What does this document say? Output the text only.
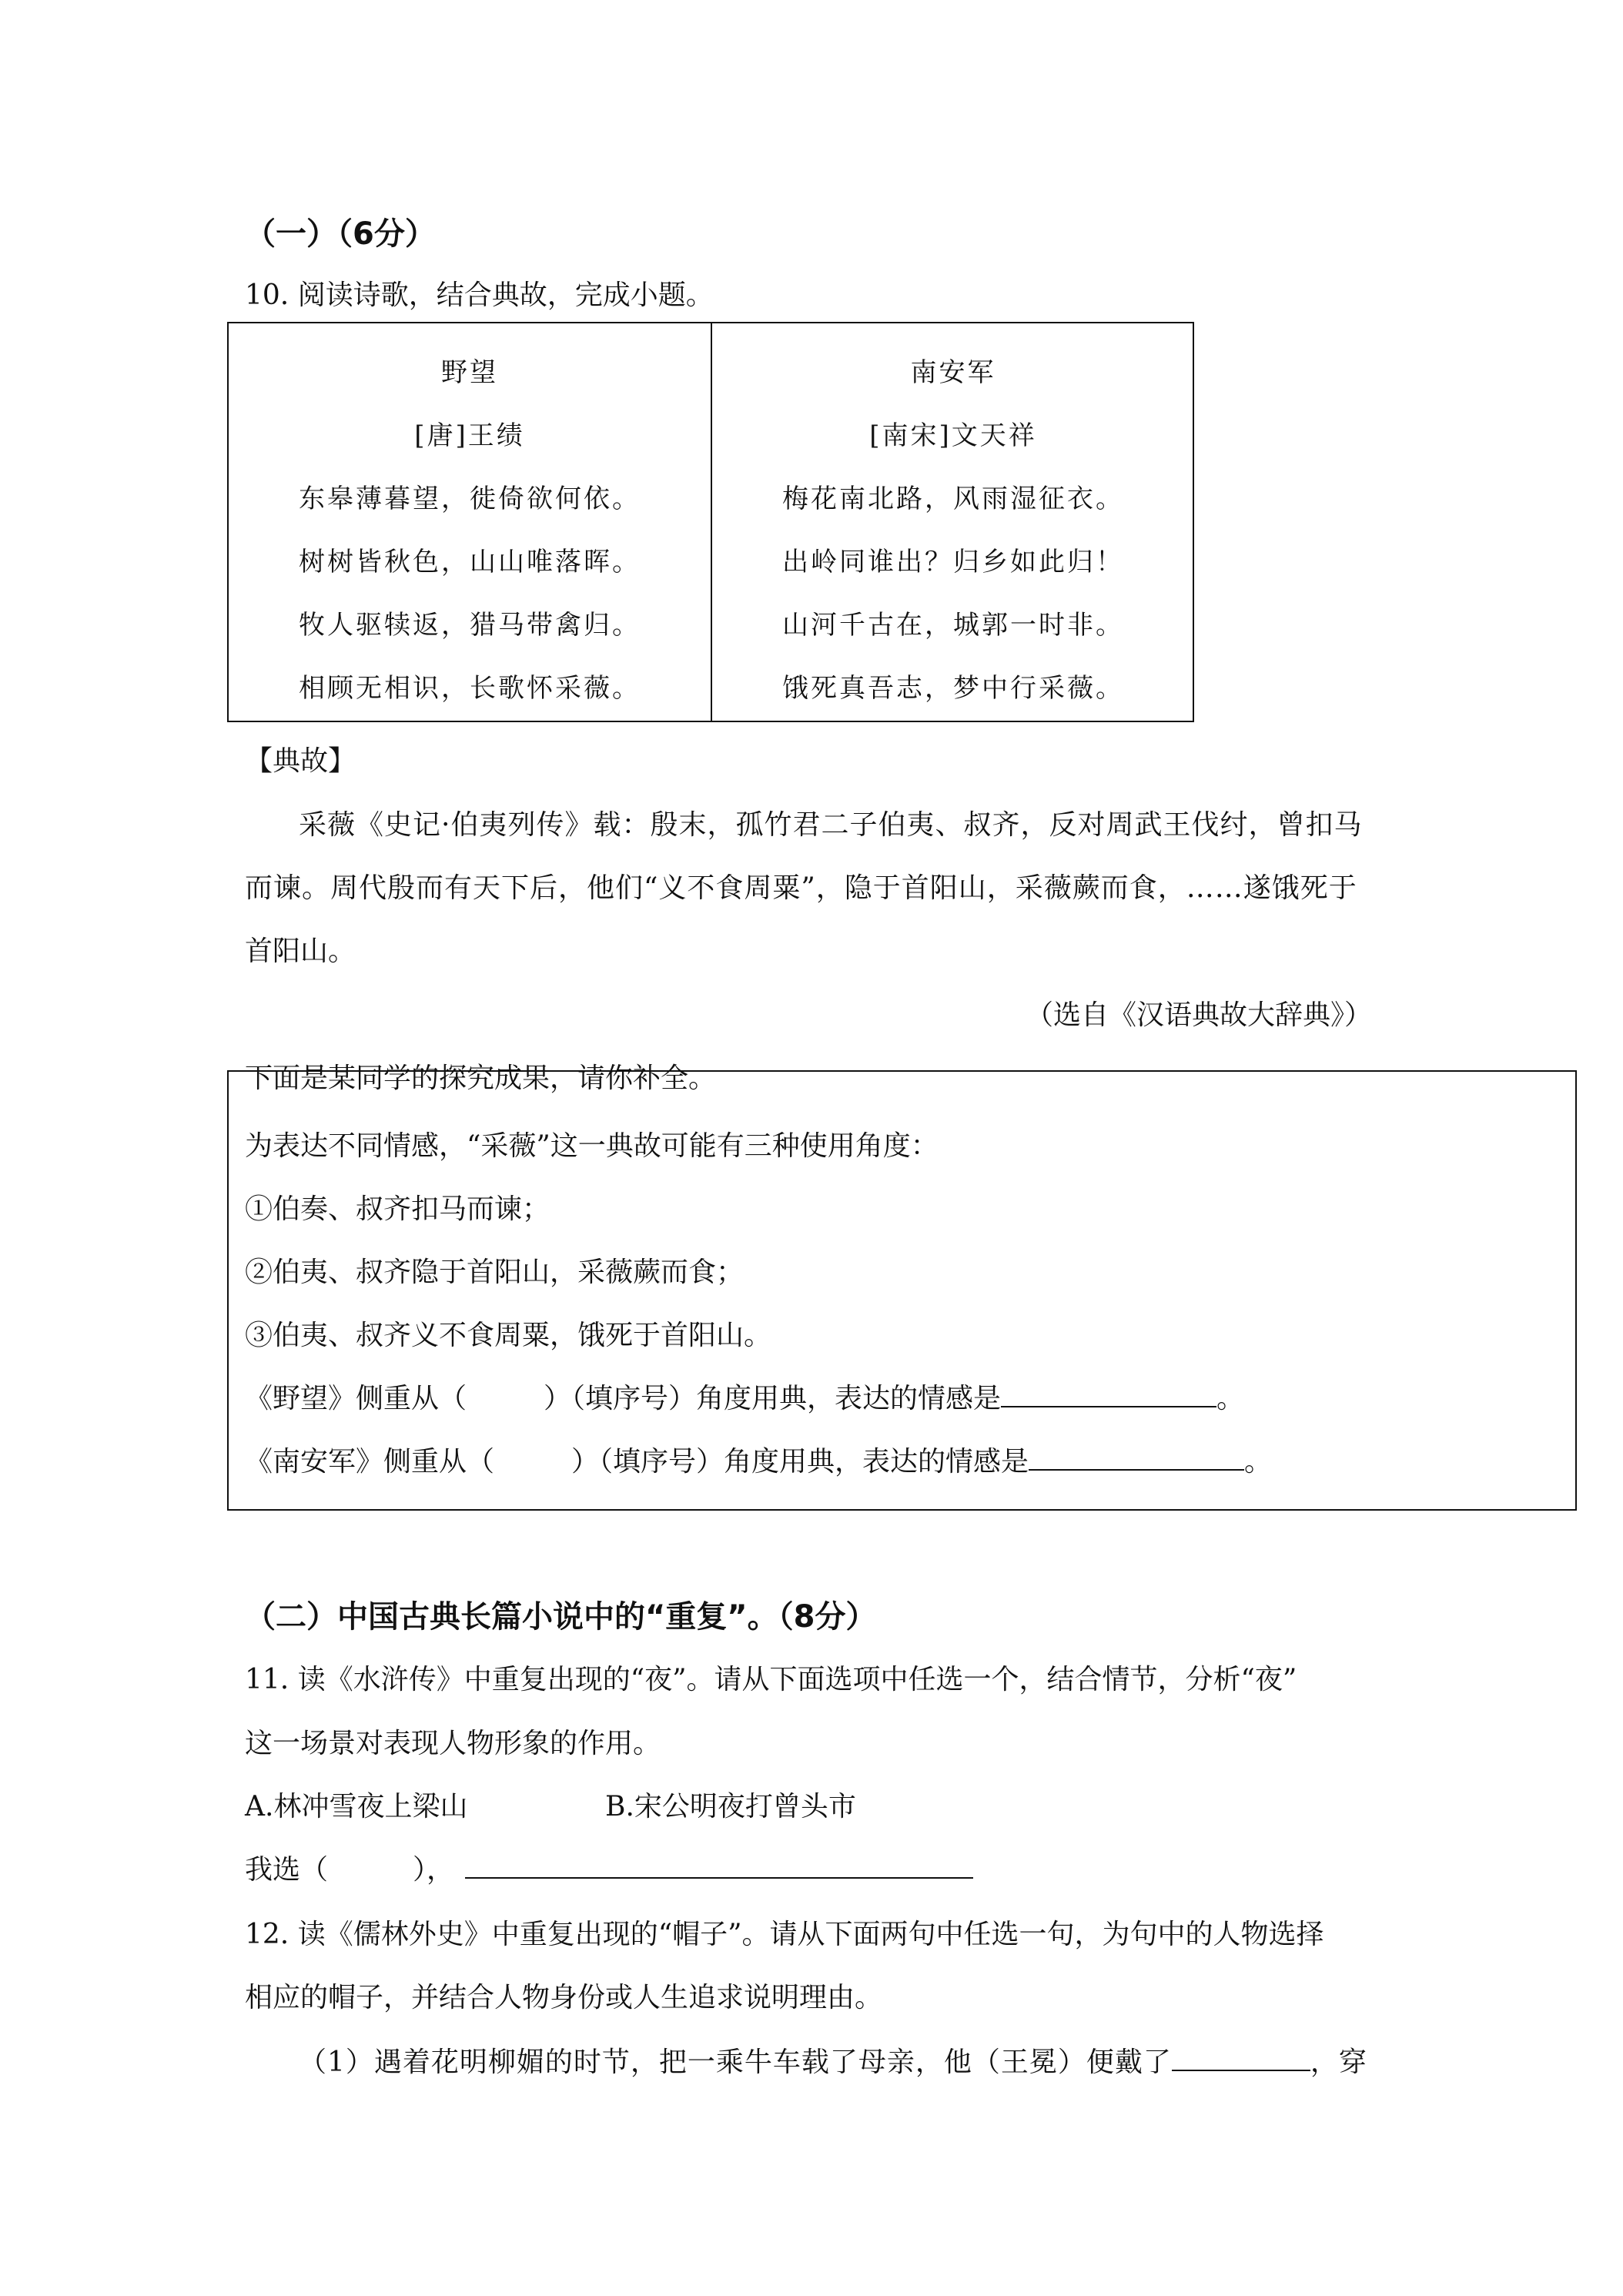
（一）（6分）
10. 阅读诗歌，结合典故，完成小题。
野望
[唐]王绩
东皋薄暮望，徙倚欲何依。
树树皆秋色，山山唯落晖。
牧人驱犊返，猎马带禽归。
相顾无相识，长歌怀采薇。
南安军
[南宋]文天祥
梅花南北路，风雨湿征衣。
出岭同谁出？归乡如此归！
山河千古在，城郭一时非。
饿死真吾志，梦中行采薇。
【典故】
采薇《史记·伯夷列传》载：殷末，孤竹君二子伯夷、叔齐，反对周武王伐纣，曾扣马
而谏。周代殷而有天下后，他们“义不食周粟”，隐于首阳山，采薇蕨而食，……遂饿死于
首阳山。
（选自《汉语典故大辞典》）
下面是某同学的探究成果，请你补全。
为表达不同情感，“采薇”这一典故可能有三种使用角度：
①伯奏、叔齐扣马而谏；
②伯夷、叔齐隐于首阳山，采薇蕨而食；
③伯夷、叔齐义不食周粟，饿死于首阳山。
《野望》侧重从（	）（填序号）角度用典，表达的情感是	。
《南安军》侧重从（	）（填序号）角度用典，表达的情感是	。
（二）中国古典长篇小说中的“重复”。（8分）
11. 读《水浒传》中重复出现的“夜”。请从下面选项中任选一个，结合情节，分析“夜”
这一场景对表现人物形象的作用。
A.林冲雪夜上梁山	B.宋公明夜打曾头市
我选（	），
12. 读《儒林外史》中重复出现的“帽子”。请从下面两句中任选一句，为句中的人物选择
相应的帽子，并结合人物身份或人生追求说明理由。
（1）遇着花明柳媚的时节，把一乘牛车载了母亲，他（王冕）便戴了	，穿
